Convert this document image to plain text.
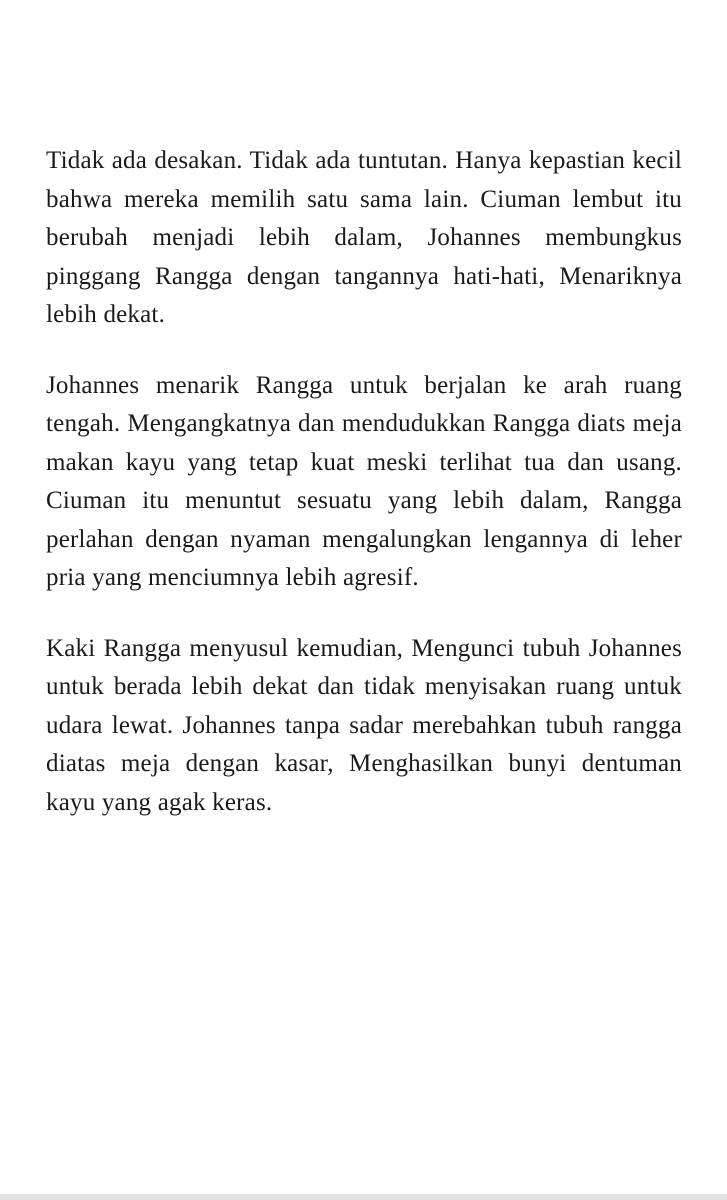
Tidak ada desakan. Tidak ada tuntutan. Hanya kepastian kecil bahwa mereka memilih satu sama lain. Ciuman lembut itu berubah menjadi lebih dalam, Johannes membungkus pinggang Rangga dengan tangannya hati-hati, Menariknya lebih dekat.

Johannes menarik Rangga untuk berjalan ke arah ruang tengah. Mengangkatnya dan mendudukkan Rangga diats meja makan kayu yang tetap kuat meski terlihat tua dan usang. Ciuman itu menuntut sesuatu yang lebih dalam, Rangga perlahan dengan nyaman mengalungkan lengannya di leher pria yang menciumnya lebih agresif.

Kaki Rangga menyusul kemudian, Mengunci tubuh Johannes untuk berada lebih dekat dan tidak menyisakan ruang untuk udara lewat. Johannes tanpa sadar merebahkan tubuh rangga diatas meja dengan kasar, Menghasilkan bunyi dentuman kayu yang agak keras.
